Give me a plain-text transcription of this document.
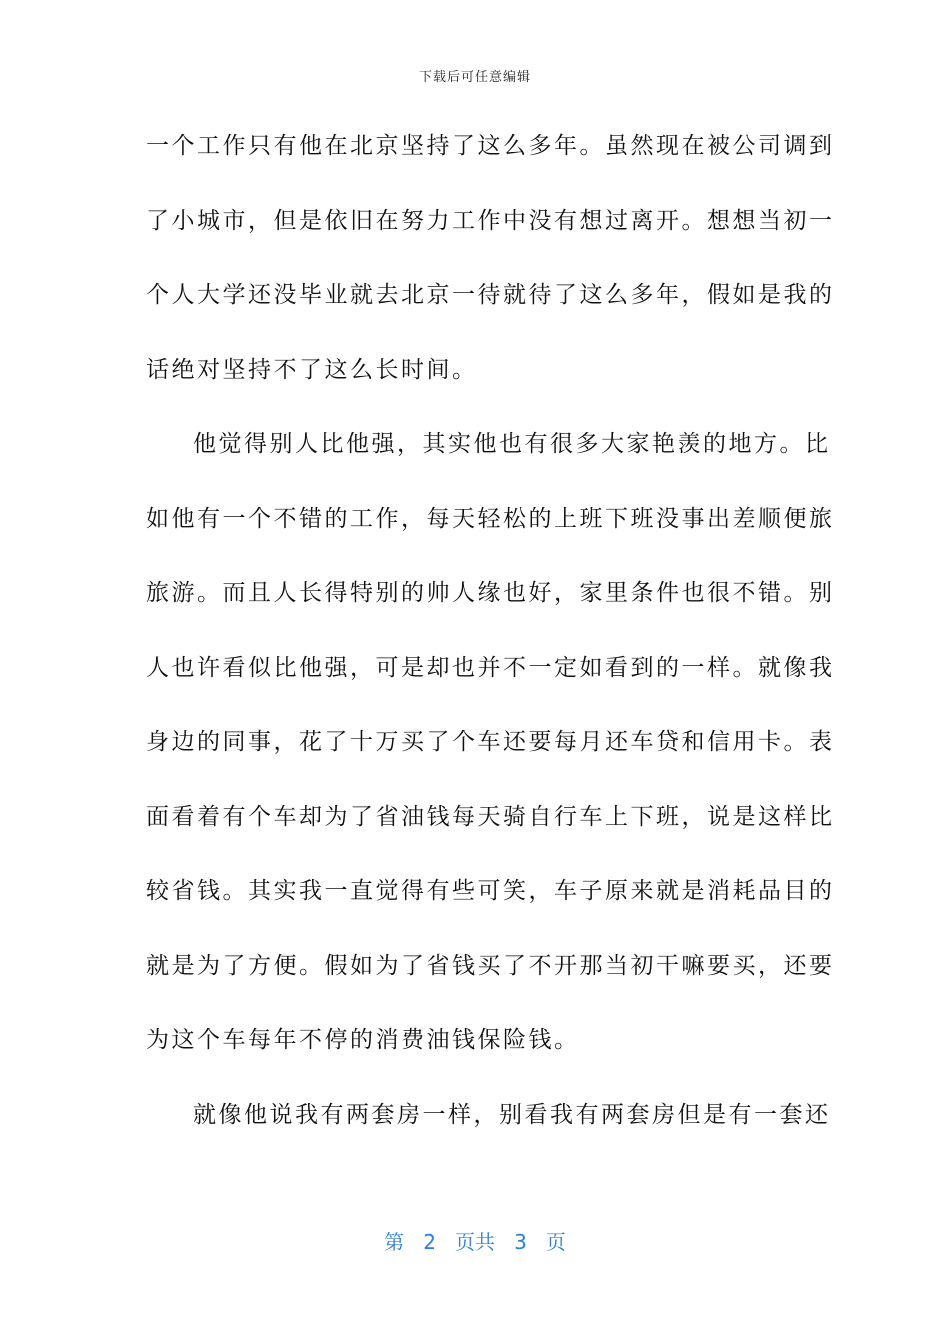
下载后可任意编辑
一个工作只有他在北京坚持了这么多年。虽然现在被公司调到
了小城市，但是依旧在努力工作中没有想过离开。想想当初一
个人大学还没毕业就去北京一待就待了这么多年，假如是我的
话绝对坚持不了这么长时间。
他觉得别人比他强，其实他也有很多大家艳羡的地方。比
如他有一个不错的工作，每天轻松的上班下班没事出差顺便旅
旅游。而且人长得特别的帅人缘也好，家里条件也很不错。别
人也许看似比他强，可是却也并不一定如看到的一样。就像我
身边的同事，花了十万买了个车还要每月还车贷和信用卡。表
面看着有个车却为了省油钱每天骑自行车上下班，说是这样比
较省钱。其实我一直觉得有些可笑，车子原来就是消耗品目的
就是为了方便。假如为了省钱买了不开那当初干嘛要买，还要
为这个车每年不停的消费油钱保险钱。
就像他说我有两套房一样，别看我有两套房但是有一套还
第 2 页共 3 页
